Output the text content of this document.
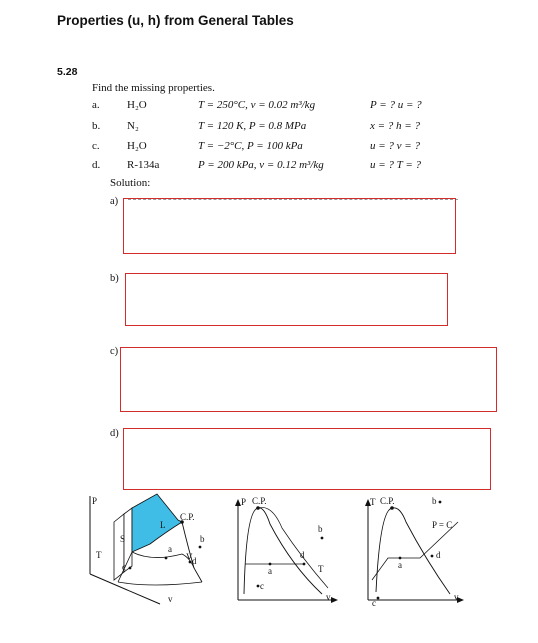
Properties (u, h) from General Tables
5.28
Find the missing properties.
a. H₂O	T = 250°C, v = 0.02 m³/kg	P = ? u = ?
b. N₂	T = 120 K, P = 0.8 MPa	x = ? h = ?
c. H₂O	T = −2°C, P = 100 kPa	u = ? v = ?
d. R-134a	P = 200 kPa, v = 0.12 m³/kg	u = ? T = ?
Solution:
a)
b)
c)
d)
P
T
v
S
L
V
C.P.
a
b
c
d
P C.P.
v
a
b
c
d
T
T C.P.
v
a
b
c
d
P = C
